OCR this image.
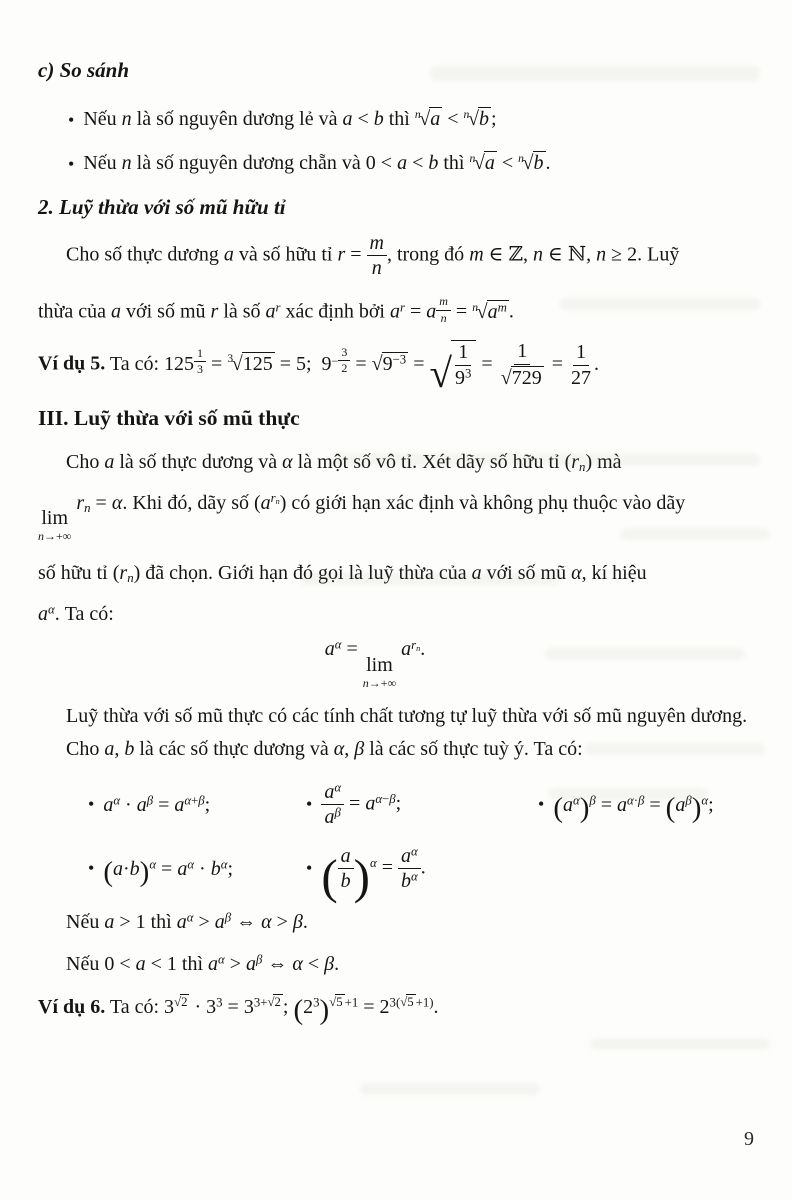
c) So sánh
• Nếu n là số nguyên dương lẻ và a < b thì $^n$√a < $^n$√b ;
• Nếu n là số nguyên dương chẵn và 0 < a < b thì $^n$√a < $^n$√b .
2. Luỹ thừa với số mũ hữu tỉ
Cho số thực dương a và số hữu tỉ $r = \frac{m}{n}$ , trong đó m ∈ ℤ, n ∈ ℕ, n ≥ 2. Luỹ
thừa của a với số mũ r là số $a^r$ xác định bởi $a^r = a$ $^{\frac{m}{n}} = ^n√a^m$ .
Ví dụ 5. Ta có: 125 $^{\frac{1}{3}}$ = $^3$√125 = 5;  $9^{- \frac{3}{2}} = √9^{-3}$ = √ $\frac{1}{9^3} = \frac{1}{√729} = \frac{1}{27}$ .
III. Luỹ thừa với số mũ thực
Cho a là số thực dương và α là một số vô tỉ. Xét dãy số hữu tỉ $(r_n)$ mà
lim
n→+∞
$r_n = \alpha$. Khi đó, dãy số $(a^{r_n})$ có giới hạn xác định và không phụ thuộc vào dãy
số hữu tỉ $(r_n)$ đã chọn. Giới hạn đó gọi là luỹ thừa của a với số mũ α, kí hiệu
$a^\alpha$. Ta có:
$a^\alpha$ =
lim
n→+∞
$a^{r_n}$.
Luỹ thừa với số mũ thực có các tính chất tương tự luỹ thừa với số mũ nguyên dương.
Cho a, b là các số thực dương và α, β là các số thực tuỳ ý. Ta có:
• $a^\alpha \cdot a^\beta = a^{\alpha+\beta}$;	• $\frac{a^\alpha}{a^\beta} = a^{\alpha-\beta}$;	• $(a^\alpha)^\beta = a^{\alpha\cdot\beta} = (a^\beta)^\alpha$;
• $(a\cdot b)^\alpha = a^\alpha \cdot b^\alpha$;	• ( $\frac{a}{b} )^\alpha = \frac{a^\alpha}{b^\alpha}$ .
Nếu a > 1 thì $a^\alpha > a^\beta$ ⇔ α > β.
Nếu 0 < a < 1 thì $a^\alpha > a^\beta$ ⇔ α < β.
Ví dụ 6. Ta có: $3^{√2} \cdot 3^3 = 3^{3+√2}$ ; $(2^3)^{√5 +1} = 2^{3(√5 +1)}$.
9
